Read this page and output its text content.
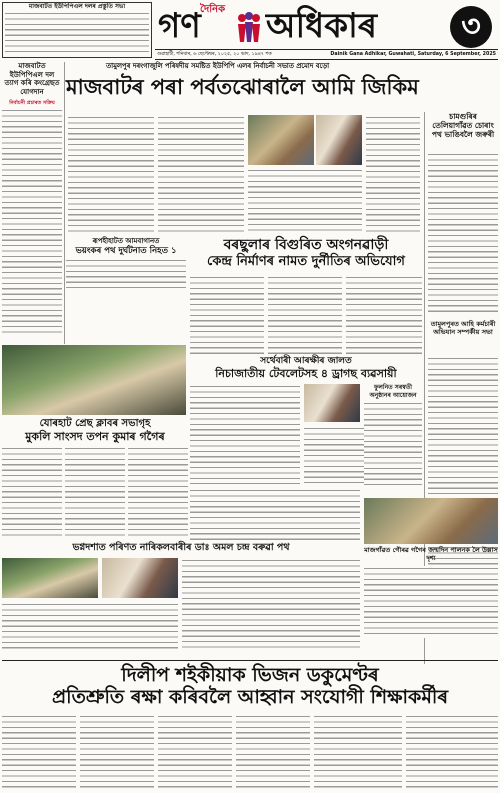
মাজবাটত ইউপিপিএল দলৰ প্ৰস্তুতি সভা	দৈনিক
গণ অধিকাৰ	৩
গুৱাহাটী, শনিবাৰ, ৬ ছেপ্টেম্বৰ, ২০২৫, ২০ ভাদ, ১৯৪৭ শক	Dainik Gana Adhikar, Guwahati, Saturday, 6 September, 2025
মাজবাটত ইউপিপিএল দল ত্যাগ কৰি কংগ্ৰেছত যোগদান
নিৰ্বাচনী প্ৰচাৰত সক্ৰিয়
তামুলপুৰ দৰংগাজুলি পৰিষদীয় সমষ্টিত ইউপিপি এলৰ নিৰ্বাচনী সভাত প্ৰমোদ বড়ো
মাজবাটৰ পৰা পৰ্বতঝোৰালৈ আমি জিকিম
চামগুৰিৰ তেলিয়াগাঁৱত চোৰাং পথ ভাঙিবলৈ জৰুৰী
তামুলপুৰত আহি কৰ্মচাৰী অভিযান সম্পৰ্কীয় সভা
ৰূপহীহাটত আমবাগানত
ভয়ংকৰ পথ দুৰ্ঘটনাত নিহত ১	বৰছুলাৰ বিগুৰিত অংগনৱাড়ী
কেন্দ্ৰ নিৰ্মাণৰ নামত দুৰ্নীতিৰ অভিযোগ
সৰ্থেবাৰী আৰক্ষীৰ জালত
নিচাজাতীয় টেবলেটসহ ৪ ড্ৰাগছ ব্যৱসায়ী
ফুলনিত সৰস্বতী অনুষ্ঠানৰ আয়োজন
যোৰহাট প্ৰেছ ক্লাবৰ সভাগৃহ
মুকলি সাংসদ তপন কুমাৰ গগৈৰ
মাজগাঁৱত গৌৰৱ গগৈৰ জন্মদিন পালনক লৈ উল্লাস দৃশ্য
ভগ্নদশাত পৰিণত নাৰিকলবাৰীৰ ডাঃ অমল চন্দ্ৰ বৰুৱা পথ
দিলীপ শইকীয়াক ভিজন ডকুমেণ্টৰ
প্ৰতিশ্ৰুতি ৰক্ষা কৰিবলৈ আহ্বান সংযোগী শিক্ষাকৰ্মীৰ
